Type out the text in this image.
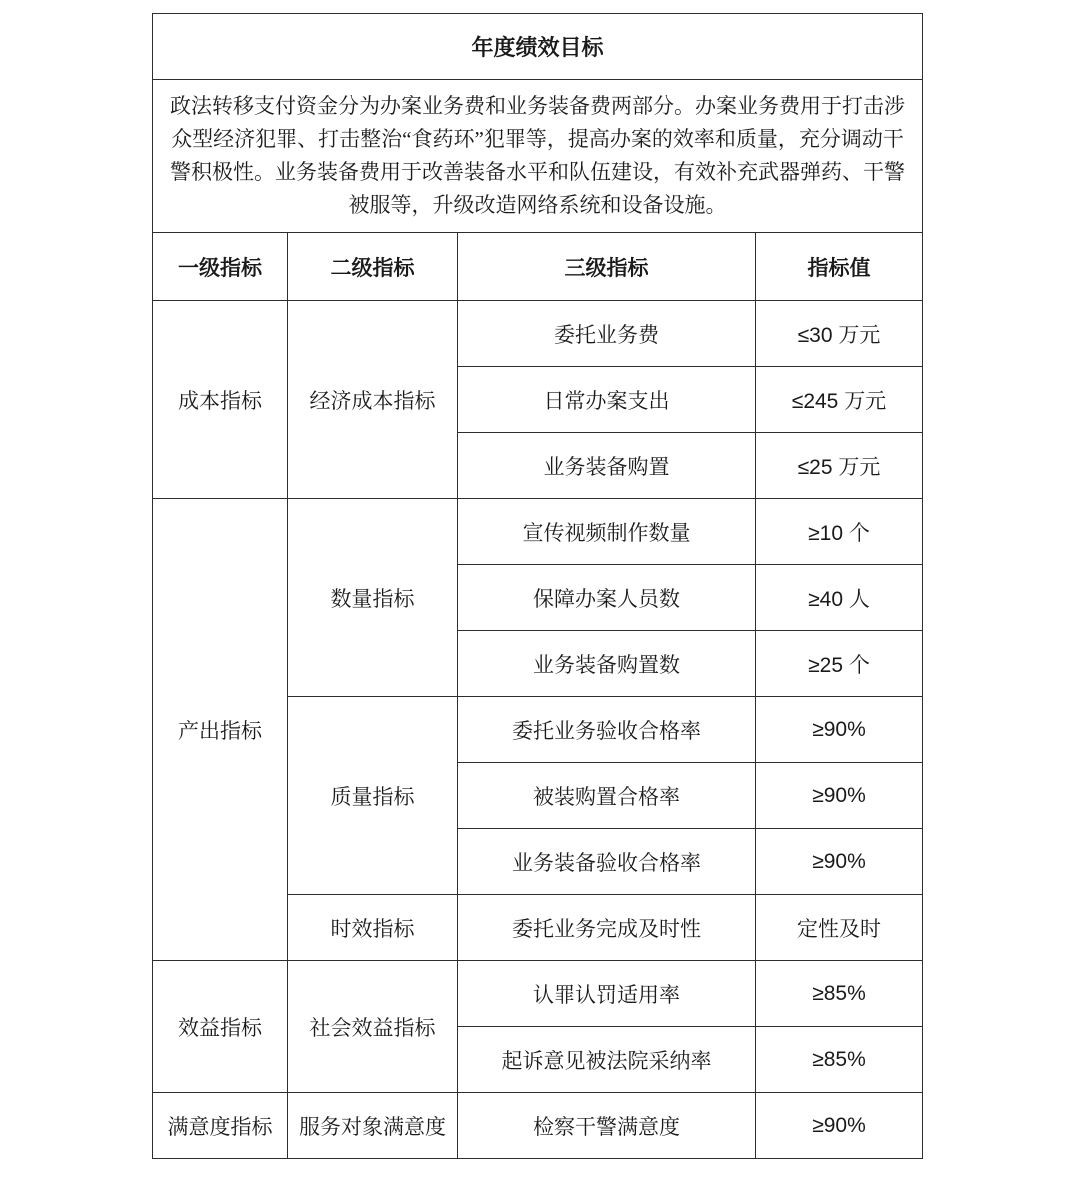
年度绩效目标			
政法转移支付资金分为办案业务费和业务装备费两部分。办案业务费用于打击涉众型经济犯罪、打击整治“食药环”犯罪等，提高办案的效率和质量，充分调动干警积极性。业务装备费用于改善装备水平和队伍建设，有效补充武器弹药、干警被服等，升级改造网络系统和设备设施。			
一级指标	二级指标	三级指标	指标值
成本指标	经济成本指标	委托业务费	≤30 万元
		日常办案支出	≤245 万元
		业务装备购置	≤25 万元
产出指标	数量指标	宣传视频制作数量	≥10 个
		保障办案人员数	≥40 人
		业务装备购置数	≥25 个
	质量指标	委托业务验收合格率	≥90%
		被装购置合格率	≥90%
		业务装备验收合格率	≥90%
	时效指标	委托业务完成及时性	定性及时
效益指标	社会效益指标	认罪认罚适用率	≥85%
		起诉意见被法院采纳率	≥85%
满意度指标	服务对象满意度	检察干警满意度	≥90%
